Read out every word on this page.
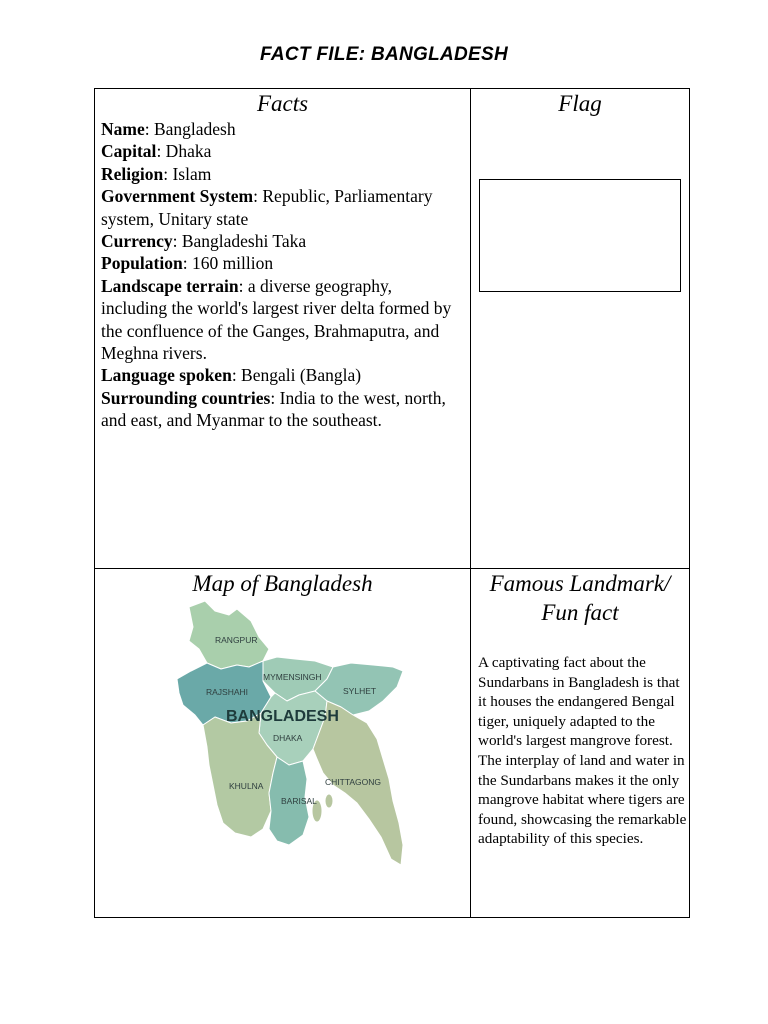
FACT FILE: BANGLADESH
Facts
Name: Bangladesh
Capital: Dhaka
Religion: Islam
Government System: Republic, Parliamentary system, Unitary state
Currency: Bangladeshi Taka
Population: 160 million
Landscape terrain: a diverse geography, including the world's largest river delta formed by the confluence of the Ganges, Brahmaputra, and Meghna rivers.
Language spoken: Bengali (Bangla)
Surrounding countries: India to the west, north, and east, and Myanmar to the southeast.
Flag
Map of Bangladesh
RANGPUR
MYMENSINGH
RAJSHAHI	SYLHET
BANGLADESH
DHAKA
KHULNA	CHITTAGONG
BARISAL
Famous Landmark/
Fun fact
A captivating fact about the Sundarbans in Bangladesh is that it houses the endangered Bengal tiger, uniquely adapted to the world's largest mangrove forest. The interplay of land and water in the Sundarbans makes it the only mangrove habitat where tigers are found, showcasing the remarkable adaptability of this species.
